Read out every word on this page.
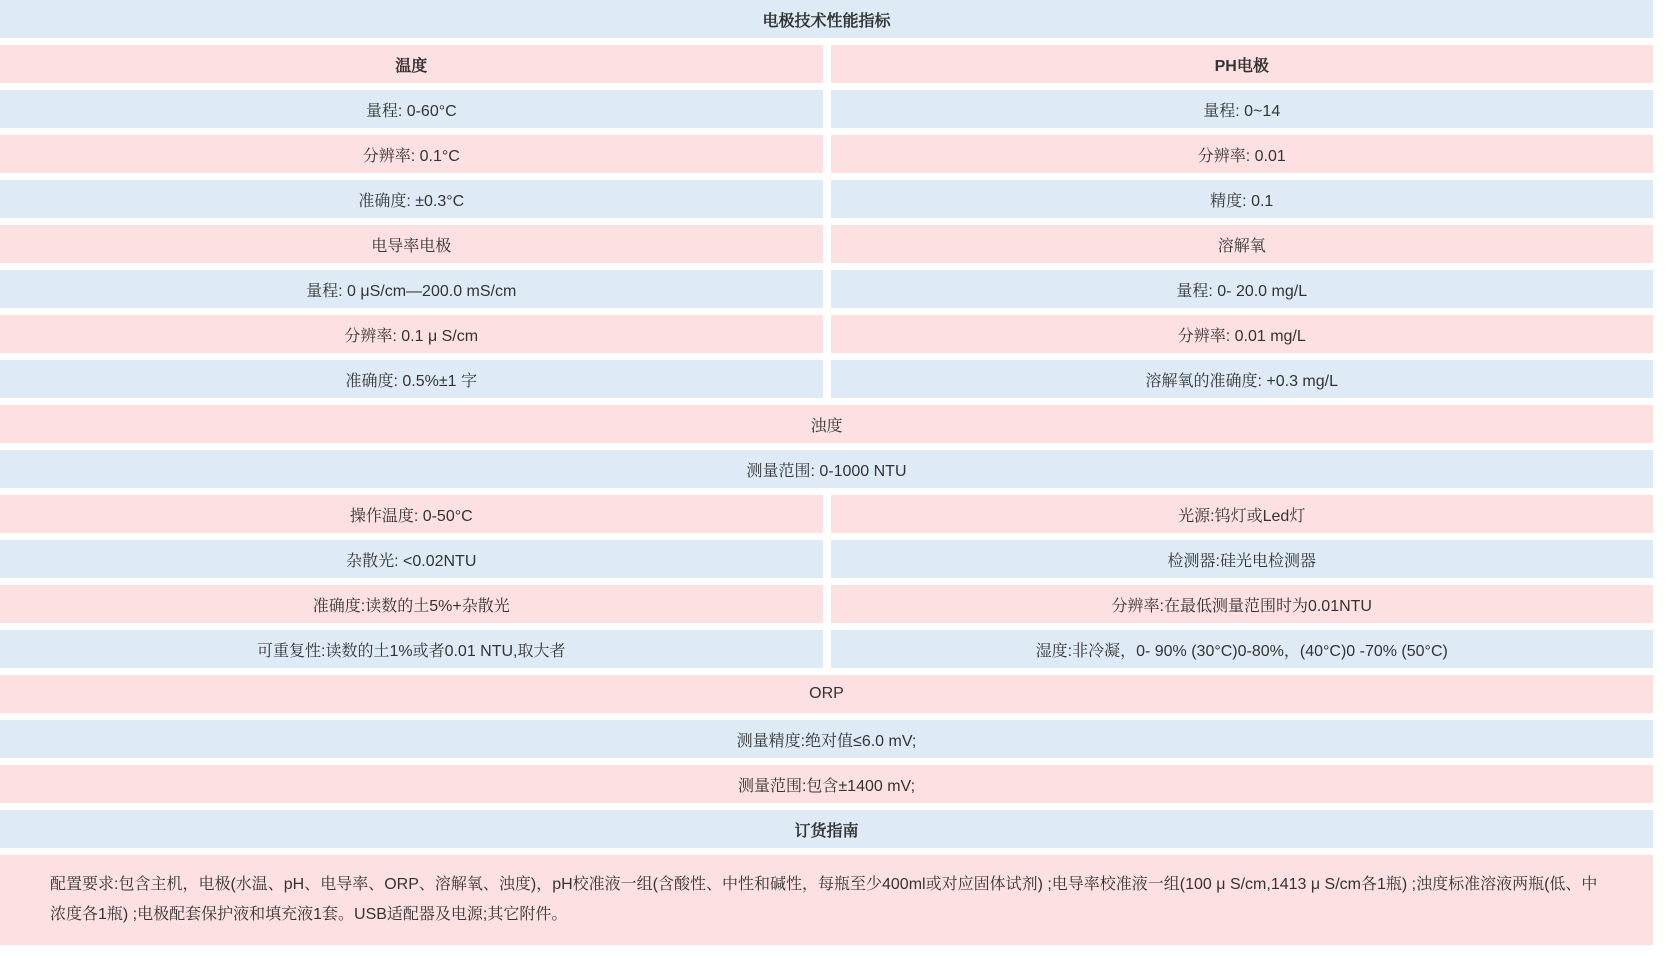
电极技术性能指标	
温度	PH电极
量程: 0-60°C	量程: 0~14
分辨率: 0.1°C	分辨率: 0.01
准确度: ±0.3°C	精度: 0.1
电导率电极	溶解氧
量程: 0 μS/cm—200.0 mS/cm	量程: 0- 20.0 mg/L
分辨率: 0.1 μ S/cm	分辨率: 0.01 mg/L
准确度: 0.5%±1 字	溶解氧的准确度: +0.3 mg/L
浊度	
测量范围: 0-1000 NTU	
操作温度: 0-50°C	光源:钨灯或Led灯
杂散光: <0.02NTU	检测器:硅光电检测器
准确度:读数的土5%+杂散光	分辨率:在最低测量范围时为0.01NTU
可重复性:读数的土1%或者0.01 NTU,取大者	湿度:非冷凝，0- 90% (30°C)0-80%，(40°C)0 -70% (50°C)
ORP	
测量精度:绝对值≤6.0 mV;	
测量范围:包含±1400 mV;	
订货指南	
配置要求:包含主机，电极(水温、pH、电导率、ORP、溶解氧、浊度)，pH校准液一组(含酸性、中性和碱性，每瓶至少400ml或对应固体试剂) ;电导率校准液一组(100 μ S/cm,1413 μ S/cm各1瓶) ;浊度标准溶液两瓶(低、中浓度各1瓶) ;电极配套保护液和填充液1套。USB适配器及电源;其它附件。	
